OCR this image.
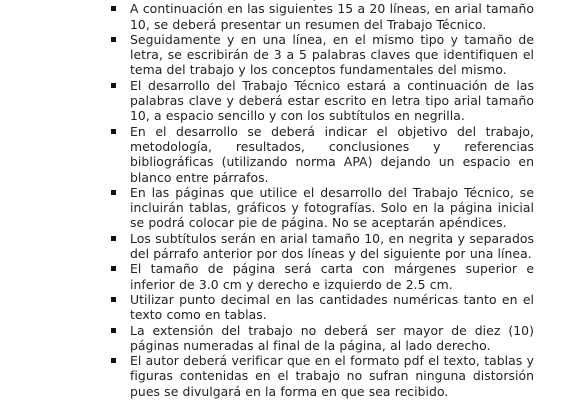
A continuación en las siguientes 15 a 20 líneas, en arial tamaño 10, se deberá presentar un resumen del Trabajo Técnico.
Seguidamente y en una línea, en el mismo tipo y tamaño de letra, se escribirán de 3 a 5 palabras claves que identifiquen el tema del trabajo y los conceptos fundamentales del mismo.
El desarrollo del Trabajo Técnico estará a continuación de las palabras clave y deberá estar escrito en letra tipo arial tamaño 10, a espacio sencillo y con los subtítulos en negrilla.
En el desarrollo se deberá indicar el objetivo del trabajo, metodología, resultados, conclusiones y referencias bibliográficas (utilizando norma APA) dejando un espacio en blanco entre párrafos.
En las páginas que utilice el desarrollo del Trabajo Técnico, se incluirán tablas, gráficos y fotografías. Solo en la página inicial se podrá colocar pie de página. No se aceptarán apéndices.
Los subtítulos serán en arial tamaño 10, en negrita y separados del párrafo anterior por dos líneas y del siguiente por una línea.
El tamaño de página será carta con márgenes superior e inferior de 3.0 cm y derecho e izquierdo de 2.5 cm.
Utilizar punto decimal en las cantidades numéricas tanto en el texto como en tablas.
La extensión del trabajo no deberá ser mayor de diez (10) páginas numeradas al final de la página, al lado derecho.
El autor deberá verificar que en el formato pdf el texto, tablas y figuras contenidas en el trabajo no sufran ninguna distorsión pues se divulgará en la forma en que sea recibido.
